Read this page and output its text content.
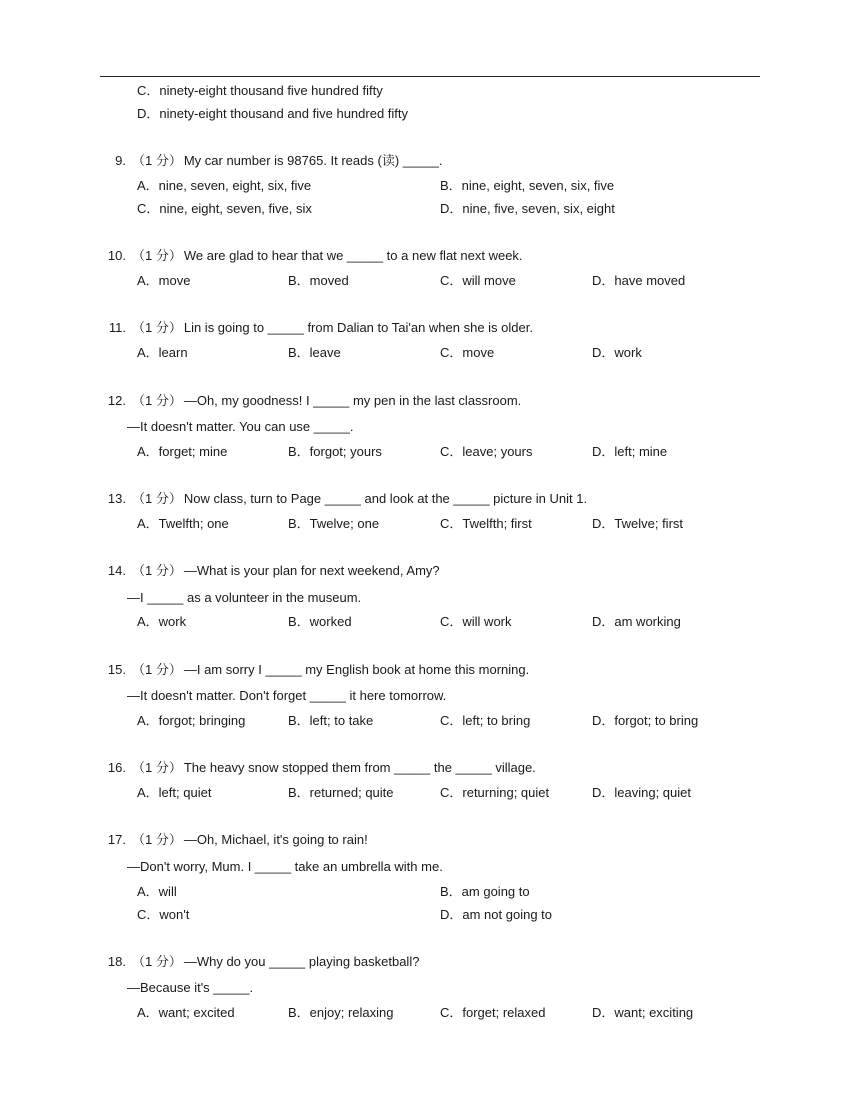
C．ninety-eight thousand five hundred fifty
D．ninety-eight thousand and five hundred fifty
9. （1 分） My car number is 98765. It reads (读) _____.
A．nine, seven, eight, six, five	B．nine, eight, seven, six, five
C．nine, eight, seven, five, six	D．nine, five, seven, six, eight
10. （1 分） We are glad to hear that we _____ to a new flat next week.
A．move	B．moved	C．will move	D．have moved
11. （1 分） Lin is going to _____ from Dalian to Tai'an when she is older.
A．learn	B．leave	C．move	D．work
12. （1 分） —Oh, my goodness! I _____ my pen in the last classroom.
—It doesn't matter. You can use _____.
A．forget; mine	B．forgot; yours	C．leave; yours	D．left; mine
13. （1 分） Now class, turn to Page _____ and look at the _____ picture in Unit 1.
A．Twelfth; one	B．Twelve; one	C．Twelfth; first	D．Twelve; first
14. （1 分） —What is your plan for next weekend, Amy?
—I _____ as a volunteer in the museum.
A．work	B．worked	C．will work	D．am working
15. （1 分） —I am sorry I _____ my English book at home this morning.
—It doesn't matter. Don't forget _____ it here tomorrow.
A．forgot; bringing	B．left; to take	C．left; to bring	D．forgot; to bring
16. （1 分） The heavy snow stopped them from _____ the _____ village.
A．left; quiet	B．returned; quite	C．returning; quiet	D．leaving; quiet
17. （1 分） —Oh, Michael, it's going to rain!
—Don't worry, Mum. I _____ take an umbrella with me.
A．will	B．am going to
C．won't	D．am not going to
18. （1 分） —Why do you _____ playing basketball?
—Because it's _____.
A．want; excited	B．enjoy; relaxing	C．forget; relaxed	D．want; exciting
